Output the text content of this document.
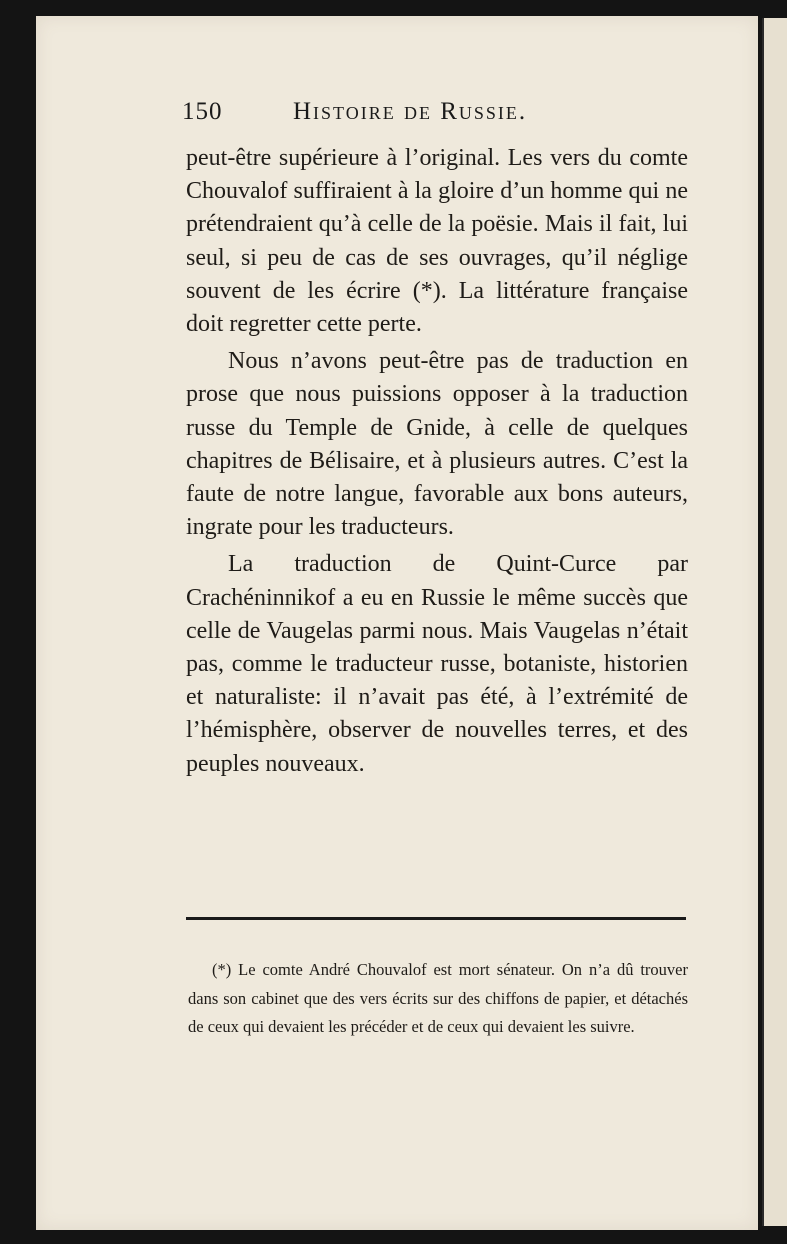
150	Histoire de Russie.

peut-être supérieure à l’original. Les vers du comte Chouvalof suffiraient à la gloire d’un homme qui ne prétendraient qu’à celle de la poësie. Mais il fait, lui seul, si peu de cas de ses ouvrages, qu’il néglige souvent de les écrire (*). La littérature française doit regretter cette perte.

Nous n’avons peut-être pas de traduction en prose que nous puissions opposer à la traduction russe du Temple de Gnide, à celle de quelques chapitres de Bélisaire, et à plusieurs autres. C’est la faute de notre langue, favorable aux bons auteurs, ingrate pour les traducteurs.

La traduction de Quint-Curce par Crachéninnikof a eu en Russie le même succès que celle de Vaugelas parmi nous. Mais Vaugelas n’était pas, comme le traducteur russe, botaniste, historien et naturaliste: il n’avait pas été, à l’extrémité de l’hémisphère, observer de nouvelles terres, et des peuples nouveaux.

(*) Le comte André Chouvalof est mort sénateur. On n’a dû trouver dans son cabinet que des vers écrits sur des chiffons de papier, et détachés de ceux qui devaient les précéder et de ceux qui devaient les suivre.
